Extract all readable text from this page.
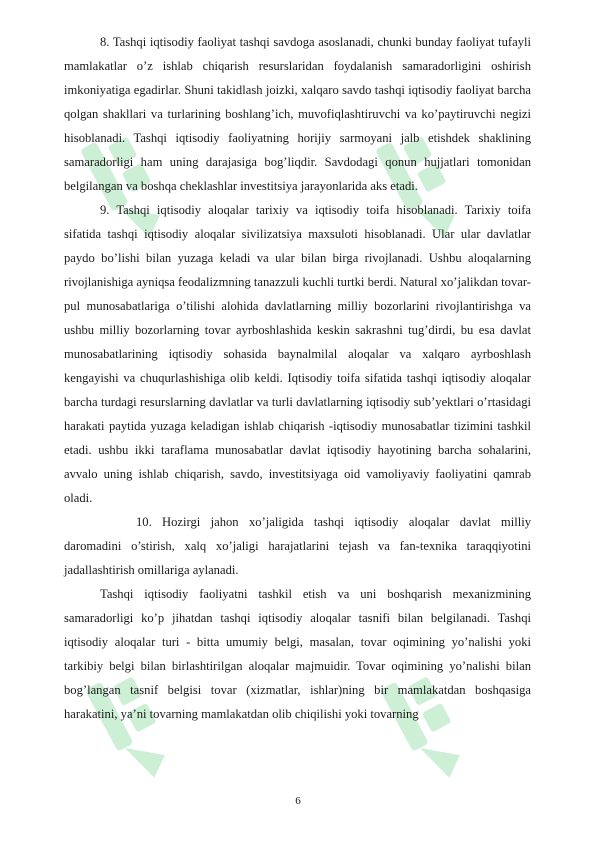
8. Tashqi iqtisodiy faoliyat tashqi savdoga asoslanadi, chunki bunday faoliyat tufayli mamlakatlar o’z ishlab chiqarish resurslaridan foydalanish samaradorligini oshirish imkoniyatiga egadirlar. Shuni takidlash joizki, xalqaro savdo tashqi iqtisodiy faoliyat barcha qolgan shakllari va turlarining boshlang’ich, muvofiqlashtiruvchi va ko’paytiruvchi negizi hisoblanadi. Tashqi iqtisodiy faoliyatning horijiy sarmoyani jalb etishdek shaklining samaradorligi ham uning darajasiga bog’liqdir. Savdodagi qonun hujjatlari tomonidan belgilangan va boshqa cheklashlar investitsiya jarayonlarida aks etadi.

9. Tashqi iqtisodiy aloqalar tarixiy va iqtisodiy toifa hisoblanadi. Tarixiy toifa sifatida tashqi iqtisodiy aloqalar sivilizatsiya maxsuloti hisoblanadi. Ular ular davlatlar paydo bo’lishi bilan yuzaga keladi va ular bilan birga rivojlanadi. Ushbu aloqalarning rivojlanishiga ayniqsa feodalizmning tanazzuli kuchli turtki berdi. Natural xo’jalikdan tovar-pul munosabatlariga o’tilishi alohida davlatlarning milliy bozorlarini rivojlantirishga va ushbu milliy bozorlarning tovar ayrboshlashida keskin sakrashni tug’dirdi, bu esa davlat munosabatlarining iqtisodiy sohasida baynalmilal aloqalar va xalqaro ayrboshlash kengayishi va chuqurlashishiga olib keldi. Iqtisodiy toifa sifatida tashqi iqtisodiy aloqalar barcha turdagi resurslarning davlatlar va turli davlatlarning iqtisodiy sub’yektlari o’rtasidagi harakati paytida yuzaga keladigan ishlab chiqarish -iqtisodiy munosabatlar tizimini tashkil etadi. ushbu ikki taraflama munosabatlar davlat iqtisodiy hayotining barcha sohalarini, avvalo uning ishlab chiqarish, savdo, investitsiyaga oid vamoliyaviy faoliyatini qamrab oladi.

10. Hozirgi jahon xo’jaligida tashqi iqtisodiy aloqalar davlat milliy daromadini o’stirish, xalq xo’jaligi harajatlarini tejash va fan-texnika taraqqiyotini jadallashtirish omillariga aylanadi.

Tashqi iqtisodiy faoliyatni tashkil etish va uni boshqarish mexanizmining samaradorligi ko’p jihatdan tashqi iqtisodiy aloqalar tasnifi bilan belgilanadi. Tashqi iqtisodiy aloqalar turi - bitta umumiy belgi, masalan, tovar oqimining yo’nalishi yoki tarkibiy belgi bilan birlashtirilgan aloqalar majmuidir. Tovar oqimining yo’nalishi bilan bog’langan tasnif belgisi tovar (xizmatlar, ishlar)ning bir mamlakatdan boshqasiga harakatini, ya’ni tovarning mamlakatdan olib chiqilishi yoki tovarning

6
